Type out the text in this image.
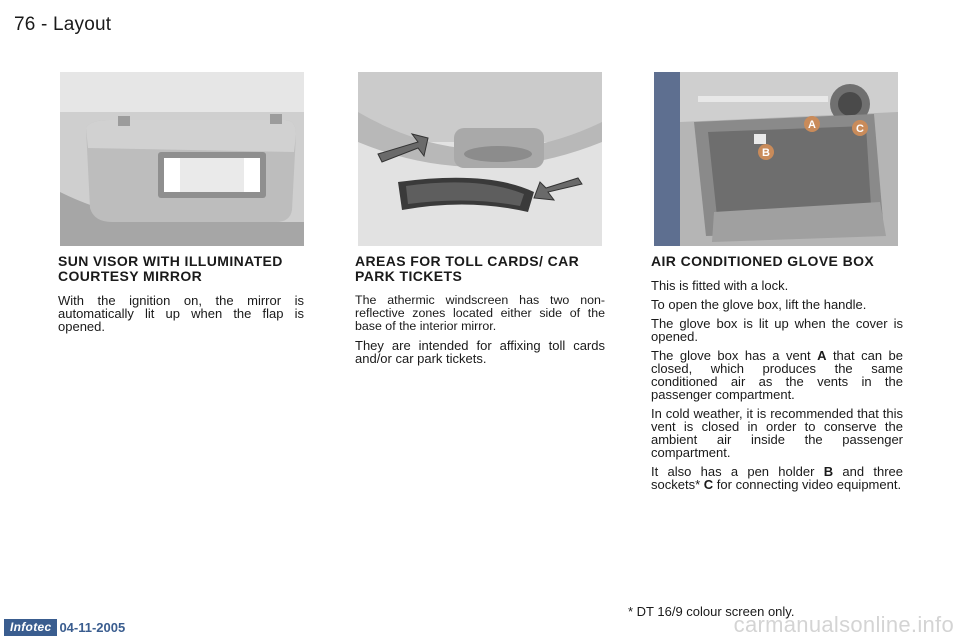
76 - Layout
A	C
B
SUN VISOR WITH ILLUMINATED COURTESY MIRROR

With the ignition on, the mirror is automatically lit up when the flap is opened.

AREAS FOR TOLL CARDS/ CAR PARK TICKETS

The athermic windscreen has two non-reflective zones located either side of the base of the interior mirror.

They are intended for affixing toll cards and/or car park tickets.

AIR CONDITIONED GLOVE BOX

This is fitted with a lock.

To open the glove box, lift the handle.

The glove box is lit up when the cover is opened.

The glove box has a vent A that can be closed, which produces the same conditioned air as the vents in the passenger compartment.

In cold weather, it is recommended that this vent is closed in order to conserve the ambient air inside the passenger compartment.

It also has a pen holder B and three sockets* C for connecting video equipment.

* DT 16/9 colour screen only.
Infotec 04-11-2005	carmanualsonline.info
